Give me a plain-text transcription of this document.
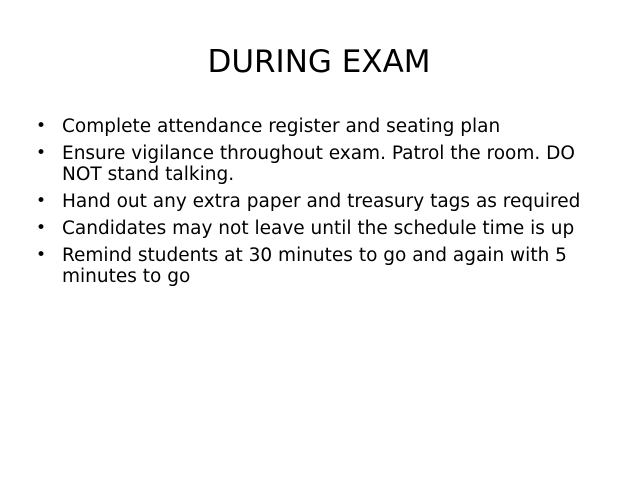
DURING EXAM
• Complete attendance register and seating plan
• Ensure vigilance throughout exam. Patrol the room. DO NOT stand talking.
• Hand out any extra paper and treasury tags as required
• Candidates may not leave until the schedule time is up
• Remind students at 30 minutes to go and again with 5 minutes to go
